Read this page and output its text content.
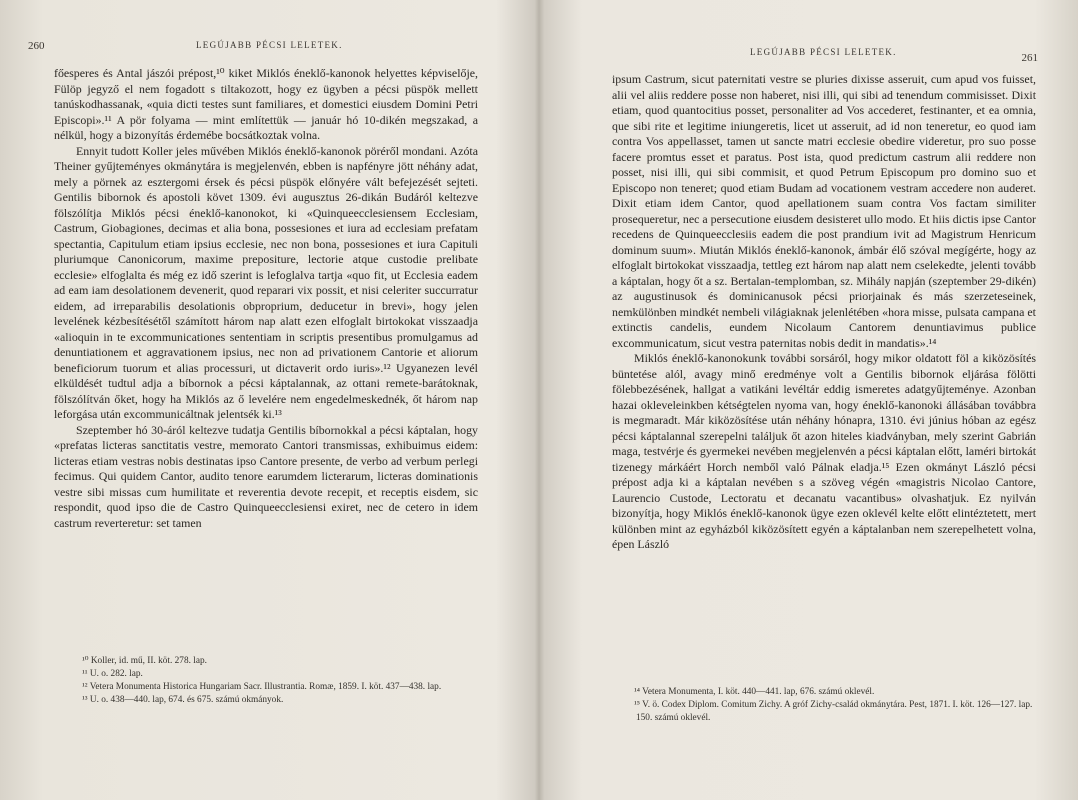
260	LEGÚJABB PÉCSI LELETEK.

főesperes és Antal jászói prépost,¹⁰ kiket Miklós éneklő-kanonok helyettes képviselője, Fülöp jegyző el nem fogadott s tiltakozott, hogy ez ügyben a pécsi püspök mellett tanúskodhassanak, «quia dicti testes sunt familiares, et domestici eiusdem Domini Petri Episcopi».¹¹ A pör folyama — mint említettük — január hó 10-dikén megszakad, a nélkül, hogy a bizonyítás érdemébe bocsátkoztak volna.

Ennyit tudott Koller jeles művében Miklós éneklő-kanonok pöréről mondani. Azóta Theiner gyűjteményes okmánytára is megjelenvén, ebben is napfényre jött néhány adat, mely a pörnek az esztergomi érsek és pécsi püspök előnyére vált befejezését sejteti. Gentilis bibornok és apostoli követ 1309. évi augusztus 26-dikán Budáról keltezve fölszólítja Miklós pécsi éneklő-kanonokot, ki «Quinqueecclesiensem Ecclesiam, Castrum, Giobagiones, decimas et alia bona, possesiones et iura ad ecclesiam prefatam spectantia, Capitulum etiam ipsius ecclesie, nec non bona, possesiones et iura Capituli pluriumque Canonicorum, maxime prepositure, lectorie atque custodie prelibate ecclesie» elfoglalta és még ez idő szerint is lefoglalva tartja «quo fit, ut Ecclesia eadem ad eam iam desolationem devenerit, quod reparari vix possit, et nisi celeriter succurratur eidem, ad irreparabilis desolationis obproprium, deducetur in brevi», hogy jelen levelének kézbesítésétől számított három nap alatt ezen elfoglalt birtokokat visszaadja «alioquin in te excommunicationes sententiam in scriptis presentibus promulgamus ad denuntiationem et aggravationem ipsius, nec non ad privationem Cantorie et aliorum beneficiorum tuorum et alias processuri, ut dictaverit ordo iuris».¹² Ugyanezen levél elküldését tudtul adja a bíbornok a pécsi káptalannak, az ottani remete-barátoknak, fölszólítván őket, hogy ha Miklós az ő levelére nem engedelmeskednék, őt három nap leforgása után excommunicáltnak jelentsék ki.¹³

Szeptember hó 30-áról keltezve tudatja Gentilis bíbornokkal a pécsi káptalan, hogy «prefatas licteras sanctitatis vestre, memorato Cantori transmissas, exhibuimus eidem: licteras etiam vestras nobis destinatas ipso Cantore presente, de verbo ad verbum perlegi fecimus. Qui quidem Cantor, audito tenore earumdem licterarum, licteras dominationis vestre sibi missas cum humilitate et reverentia devote recepit, et receptis eisdem, sic respondit, quod ipso die de Castro Quinqueecclesiensi exiret, nec de cetero in idem castrum reverteretur: set tamen

¹⁰ Koller, id. mű, II. köt. 278. lap.
¹¹ U. o. 282. lap.
¹² Vetera Monumenta Historica Hungariam Sacr. Illustrantia. Romæ, 1859. I. köt. 437—438. lap.
¹³ U. o. 438—440. lap, 674. és 675. számú okmányok.
LEGÚJABB PÉCSI LELETEK.	261

ipsum Castrum, sicut paternitati vestre se pluries dixisse asseruit, cum apud vos fuisset, alii vel aliis reddere posse non haberet, nisi illi, qui sibi ad tenendum commisisset. Dixit etiam, quod quantocitius posset, personaliter ad Vos accederet, festinanter, et ea omnia, que sibi rite et legitime iniungeretis, licet ut asseruit, ad id non teneretur, eo quod iam contra Vos appellasset, tamen ut sancte matri ecclesie obedire videretur, pro suo posse facere promtus esset et paratus. Post ista, quod predictum castrum alii reddere non posset, nisi illi, qui sibi commisit, et quod Petrum Episcopum pro domino suo et Episcopo non teneret; quod etiam Budam ad vocationem vestram accedere non auderet. Dixit etiam idem Cantor, quod apellationem suam contra Vos factam similiter prosequeretur, nec a persecutione eiusdem desisteret ullo modo. Et hiis dictis ipse Cantor recedens de Quinqueecclesiis eadem die post prandium ivit ad Magistrum Henricum dominum suum». Miután Miklós éneklő-kanonok, ámbár élő szóval megígérte, hogy az elfoglalt birtokokat visszaadja, tettleg ezt három nap alatt nem cselekedte, jelenti tovább a káptalan, hogy őt a sz. Bertalan-templomban, sz. Mihály napján (szeptember 29-dikén) az augustinusok és dominicanusok pécsi priorjainak és más szerzeteseinek, nemkülönben mindkét nembeli világiaknak jelenlétében «hora misse, pulsata campana et extinctis candelis, eundem Nicolaum Cantorem denuntiavimus publice excommunicatum, sicut vestra paternitas nobis dedit in mandatis».¹⁴

Miklós éneklő-kanonokunk további sorsáról, hogy mikor oldatott föl a kiközösítés büntetése alól, avagy minő eredménye volt a Gentilis bibornok eljárása fölötti fölebbezésének, hallgat a vatikáni levéltár eddig ismeretes adatgyűjteménye. Azonban hazai okleveleinkben kétségtelen nyoma van, hogy éneklő-kanonoki állásában továbbra is megmaradt. Már kiközösítése után néhány hónapra, 1310. évi június hóban az egész pécsi káptalannal szerepelni találjuk őt azon hiteles kiadványban, mely szerint Gabrián maga, testvérje és gyermekei nevében megjelenvén a pécsi káptalan előtt, laméri birtokát tizenegy márkáért Horch nemből való Pálnak eladja.¹⁵ Ezen okmányt László pécsi prépost adja ki a káptalan nevében s a szöveg végén «magistris Nicolao Cantore, Laurencio Custode, Lectoratu et decanatu vacantibus» olvashatjuk. Ez nyilván bizonyítja, hogy Miklós éneklő-kanonok ügye ezen oklevél kelte előtt elintéztetett, mert különben mint az egyházból kiközösített egyén a káptalanban nem szerepelhetett volna, épen László

¹⁴ Vetera Monumenta, I. köt. 440—441. lap, 676. számú oklevél.
¹⁵ V. ö. Codex Diplom. Comitum Zichy. A gróf Zichy-család okmánytára. Pest, 1871. I. köt. 126—127. lap. 150. számú oklevél.
